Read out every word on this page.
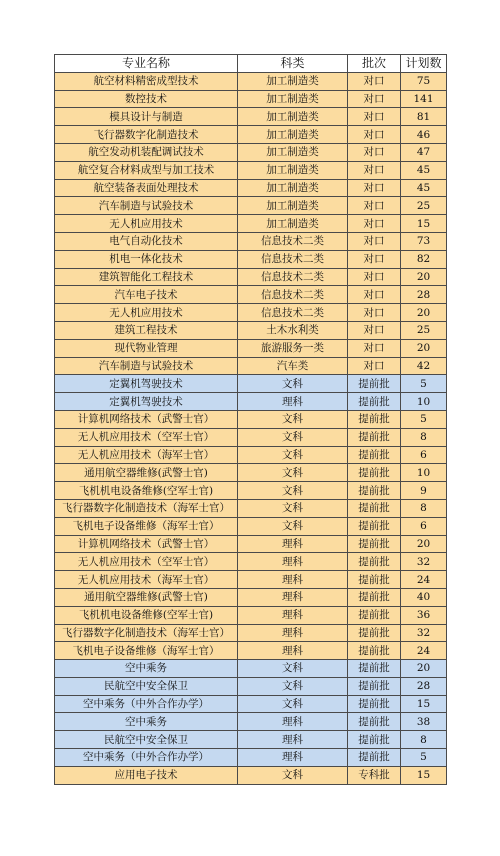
专业名称	科类	批次	计划数
航空材料精密成型技术	加工制造类	对口	75
数控技术	加工制造类	对口	141
模具设计与制造	加工制造类	对口	81
飞行器数字化制造技术	加工制造类	对口	46
航空发动机装配调试技术	加工制造类	对口	47
航空复合材料成型与加工技术	加工制造类	对口	45
航空装备表面处理技术	加工制造类	对口	45
汽车制造与试验技术	加工制造类	对口	25
无人机应用技术	加工制造类	对口	15
电气自动化技术	信息技术二类	对口	73
机电一体化技术	信息技术二类	对口	82
建筑智能化工程技术	信息技术二类	对口	20
汽车电子技术	信息技术二类	对口	28
无人机应用技术	信息技术二类	对口	20
建筑工程技术	土木水利类	对口	25
现代物业管理	旅游服务一类	对口	20
汽车制造与试验技术	汽车类	对口	42
定翼机驾驶技术	文科	提前批	5
定翼机驾驶技术	理科	提前批	10
计算机网络技术（武警士官）	文科	提前批	5
无人机应用技术（空军士官）	文科	提前批	8
无人机应用技术（海军士官）	文科	提前批	6
通用航空器维修(武警士官)	文科	提前批	10
飞机机电设备维修(空军士官)	文科	提前批	9
飞行器数字化制造技术（海军士官）	文科	提前批	8
飞机电子设备维修（海军士官）	文科	提前批	6
计算机网络技术（武警士官）	理科	提前批	20
无人机应用技术（空军士官）	理科	提前批	32
无人机应用技术（海军士官）	理科	提前批	24
通用航空器维修(武警士官)	理科	提前批	40
飞机机电设备维修(空军士官)	理科	提前批	36
飞行器数字化制造技术（海军士官）	理科	提前批	32
飞机电子设备维修（海军士官）	理科	提前批	24
空中乘务	文科	提前批	20
民航空中安全保卫	文科	提前批	28
空中乘务（中外合作办学）	文科	提前批	15
空中乘务	理科	提前批	38
民航空中安全保卫	理科	提前批	8
空中乘务（中外合作办学）	理科	提前批	5
应用电子技术	文科	专科批	15
